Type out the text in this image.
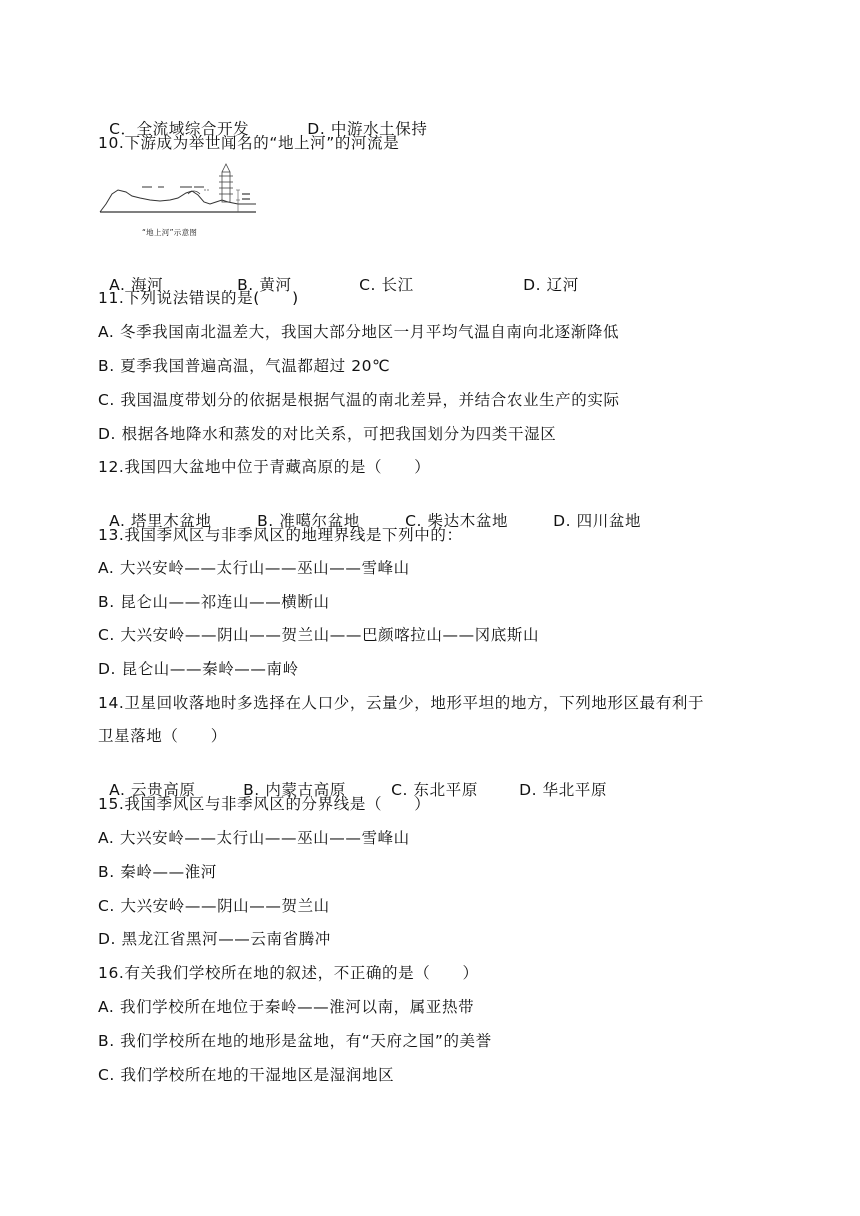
C．全流域综合开发	D. 中游水土保持

10.下游成为举世闻名的“地上河”的河流是
“地上河”示意图

A. 海河	B. 黄河	C. 长江	D. 辽河

11.下列说法错误的是(　　)
A. 冬季我国南北温差大，我国大部分地区一月平均气温自南向北逐渐降低
B. 夏季我国普遍高温，气温都超过 20℃
C. 我国温度带划分的依据是根据气温的南北差异，并结合农业生产的实际
D. 根据各地降水和蒸发的对比关系，可把我国划分为四类干湿区
12.我国四大盆地中位于青藏高原的是（　　）

A. 塔里木盆地	B. 准噶尔盆地	C. 柴达木盆地	D. 四川盆地

13.我国季风区与非季风区的地理界线是下列中的：
A. 大兴安岭——太行山——巫山——雪峰山
B. 昆仑山——祁连山——横断山
C. 大兴安岭——阴山——贺兰山——巴颜喀拉山——冈底斯山
D. 昆仑山——秦岭——南岭
14.卫星回收落地时多选择在人口少，云量少，地形平坦的地方，下列地形区最有利于
卫星落地（　　）

A. 云贵高原	B. 内蒙古高原	C. 东北平原	D. 华北平原

15.我国季风区与非季风区的分界线是（　　）
A. 大兴安岭——太行山——巫山——雪峰山
B. 秦岭——淮河
C. 大兴安岭——阴山——贺兰山
D. 黑龙江省黑河——云南省腾冲
16.有关我们学校所在地的叙述，不正确的是（　　）
A. 我们学校所在地位于秦岭——淮河以南，属亚热带
B. 我们学校所在地的地形是盆地，有“天府之国”的美誉
C. 我们学校所在地的干湿地区是湿润地区
